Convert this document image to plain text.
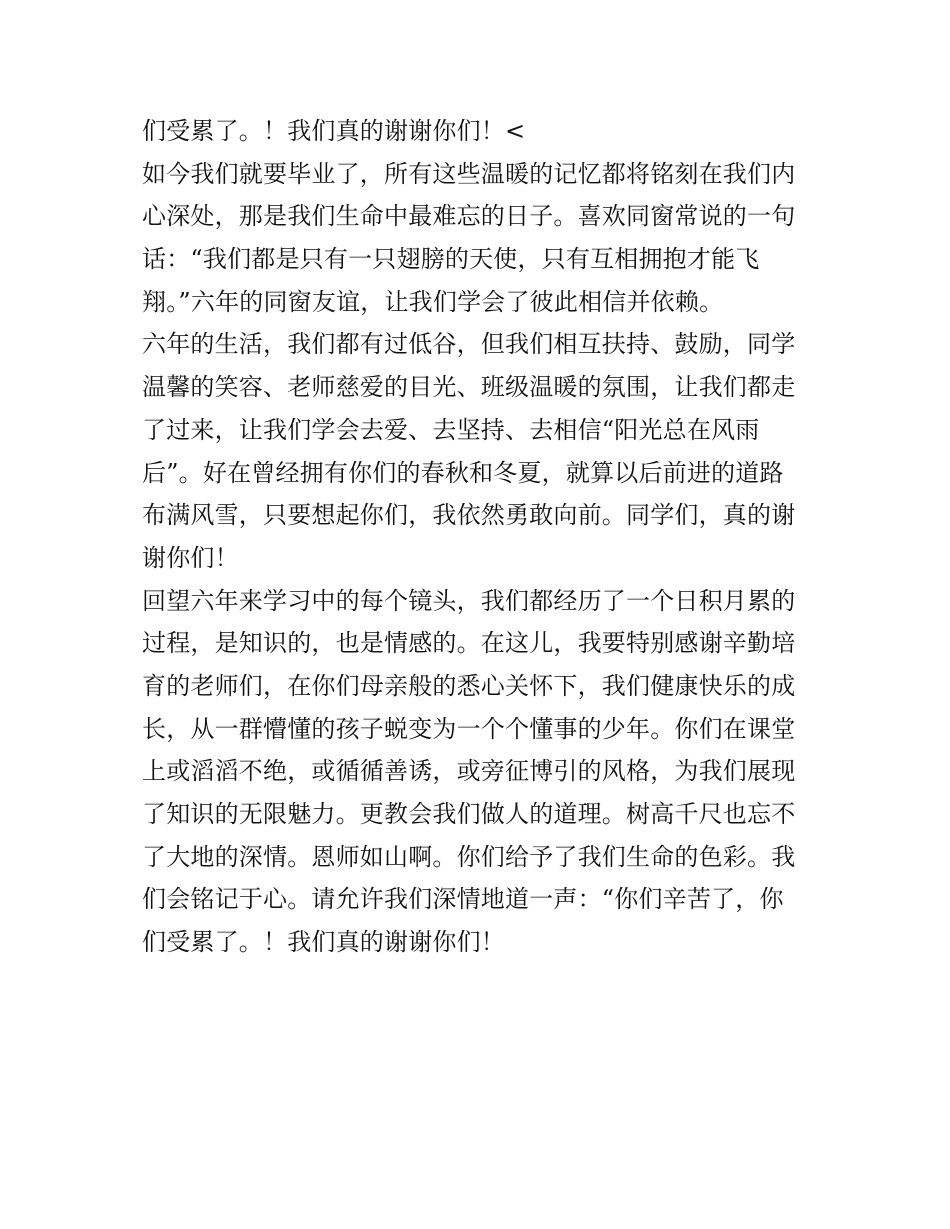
们受累了。！我们真的谢谢你们！<
如今我们就要毕业了，所有这些温暖的记忆都将铭刻在我们内
心深处，那是我们生命中最难忘的日子。喜欢同窗常说的一句
话：“我们都是只有一只翅膀的天使，只有互相拥抱才能飞
翔。”六年的同窗友谊，让我们学会了彼此相信并依赖。
六年的生活，我们都有过低谷，但我们相互扶持、鼓励，同学
温馨的笑容、老师慈爱的目光、班级温暖的氛围，让我们都走
了过来，让我们学会去爱、去坚持、去相信“阳光总在风雨
后”。好在曾经拥有你们的春秋和冬夏，就算以后前进的道路
布满风雪，只要想起你们，我依然勇敢向前。同学们，真的谢
谢你们！
回望六年来学习中的每个镜头，我们都经历了一个日积月累的
过程，是知识的，也是情感的。在这儿，我要特别感谢辛勤培
育的老师们，在你们母亲般的悉心关怀下，我们健康快乐的成
长，从一群懵懂的孩子蜕变为一个个懂事的少年。你们在课堂
上或滔滔不绝，或循循善诱，或旁征博引的风格，为我们展现
了知识的无限魅力。更教会我们做人的道理。树高千尺也忘不
了大地的深情。恩师如山啊。你们给予了我们生命的色彩。我
们会铭记于心。请允许我们深情地道一声：“你们辛苦了，你
们受累了。！我们真的谢谢你们！
